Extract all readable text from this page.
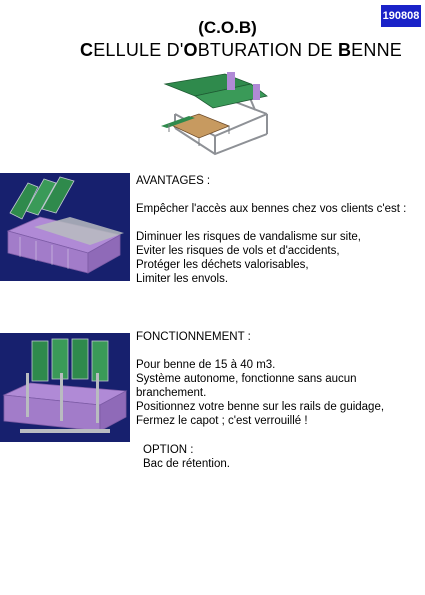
190808
(C.O.B)
CELLULE D'OBTURATION DE BENNE

AVANTAGES :

Empêcher l'accès aux bennes chez vos clients c'est :

Diminuer les risques de vandalisme sur site,

Eviter les risques de vols et d'accidents,

Protéger les déchets valorisables,

Limiter les envols.

FONCTIONNEMENT :

Pour benne de 15 à 40 m3.

Système autonome, fonctionne sans aucun

branchement.

Positionnez votre benne sur les rails de guidage,

Fermez le capot ; c'est verrouillé !

OPTION :

Bac de rétention.
